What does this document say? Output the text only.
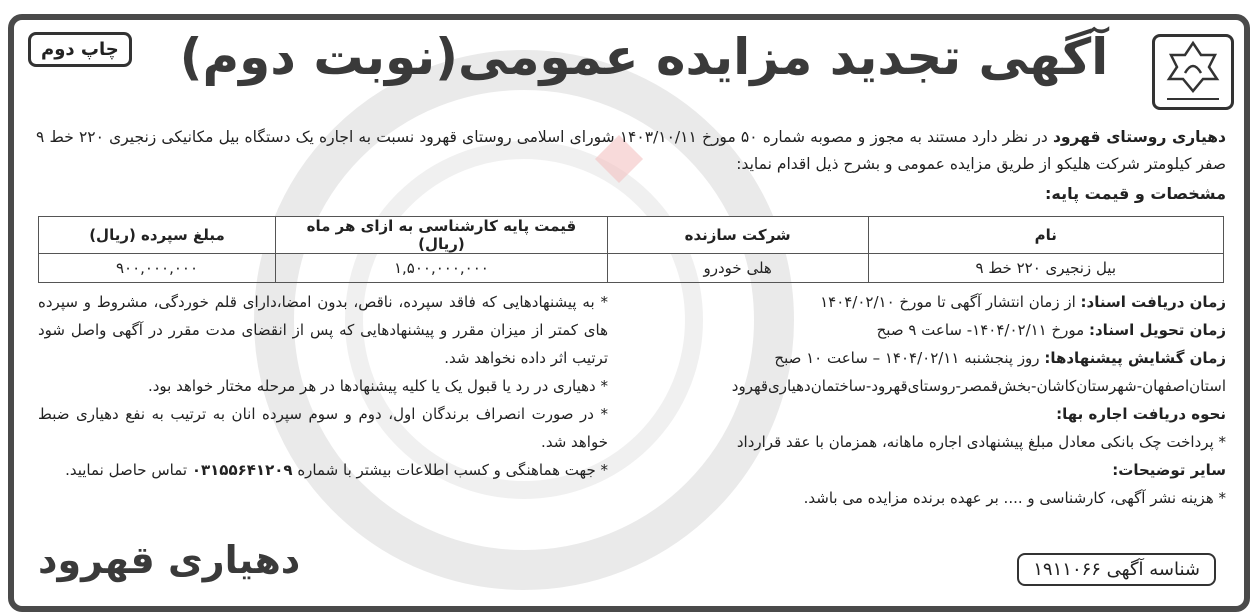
آگهی تجدید مزایده عمومی(نوبت دوم)
چاپ دوم
دهیاری روستای قهرود در نظر دارد مستند به مجوز و مصوبه شماره ۵۰ مورخ ۱۴۰۳/۱۰/۱۱ شورای اسلامی روستای قهرود نسبت به اجاره یک دستگاه بیل مکانیکی زنجیری ۲۲۰ خط ۹ صفر کیلومتر شرکت هلیکو از طریق مزایده عمومی و بشرح ذیل اقدام نماید:
مشخصات و قیمت پایه:
نام	شرکت سازنده	قیمت پایه کارشناسی به ازای هر ماه (ریال)	مبلغ سپرده (ریال)
بیل زنجیری ۲۲۰ خط ۹	هلی خودرو	۱,۵۰۰,۰۰۰,۰۰۰	۹۰۰,۰۰۰,۰۰۰

زمان دریافت اسناد: از زمان انتشار آگهی تا مورخ ۱۴۰۴/۰۲/۱۰

زمان تحویل اسناد: مورخ ۱۴۰۴/۰۲/۱۱- ساعت ۹ صبح

زمان گشایش پیشنهادها: روز پنجشنبه ۱۴۰۴/۰۲/۱۱ – ساعت ۱۰ صبح

استان‌اصفهان-شهرستان‌کاشان-بخش‌قمصر-روستای‌قهرود-ساختمان‌دهیاری‌قهرود

نحوه دریافت اجاره بها:

* پرداخت چک بانکی معادل مبلغ پیشنهادی اجاره ماهانه، همزمان با عقد قرارداد

سایر توضیحات:

* هزینه نشر آگهی، کارشناسی و .... بر عهده برنده مزایده می باشد.

* به پیشنهادهایی که فاقد سپرده، ناقص، بدون امضا،دارای قلم خوردگی، مشروط و سپرده های کمتر از میزان مقرر و پیشنهادهایی که پس از انقضای مدت مقرر در آگهی واصل شود ترتیب اثر داده نخواهد شد.

* دهیاری در رد یا قبول یک یا کلیه پیشنهادها در هر مرحله مختار خواهد بود.

* در صورت انصراف برندگان اول، دوم و سوم سپرده انان به ترتیب به نفع دهیاری ضبط خواهد شد.

* جهت هماهنگی و کسب اطلاعات بیشتر با شماره ۰۳۱۵۵۶۴۱۲۰۹ تماس حاصل نمایید.

شناسه آگهی ۱۹۱۱۰۶۶
دهیاری قهرود
